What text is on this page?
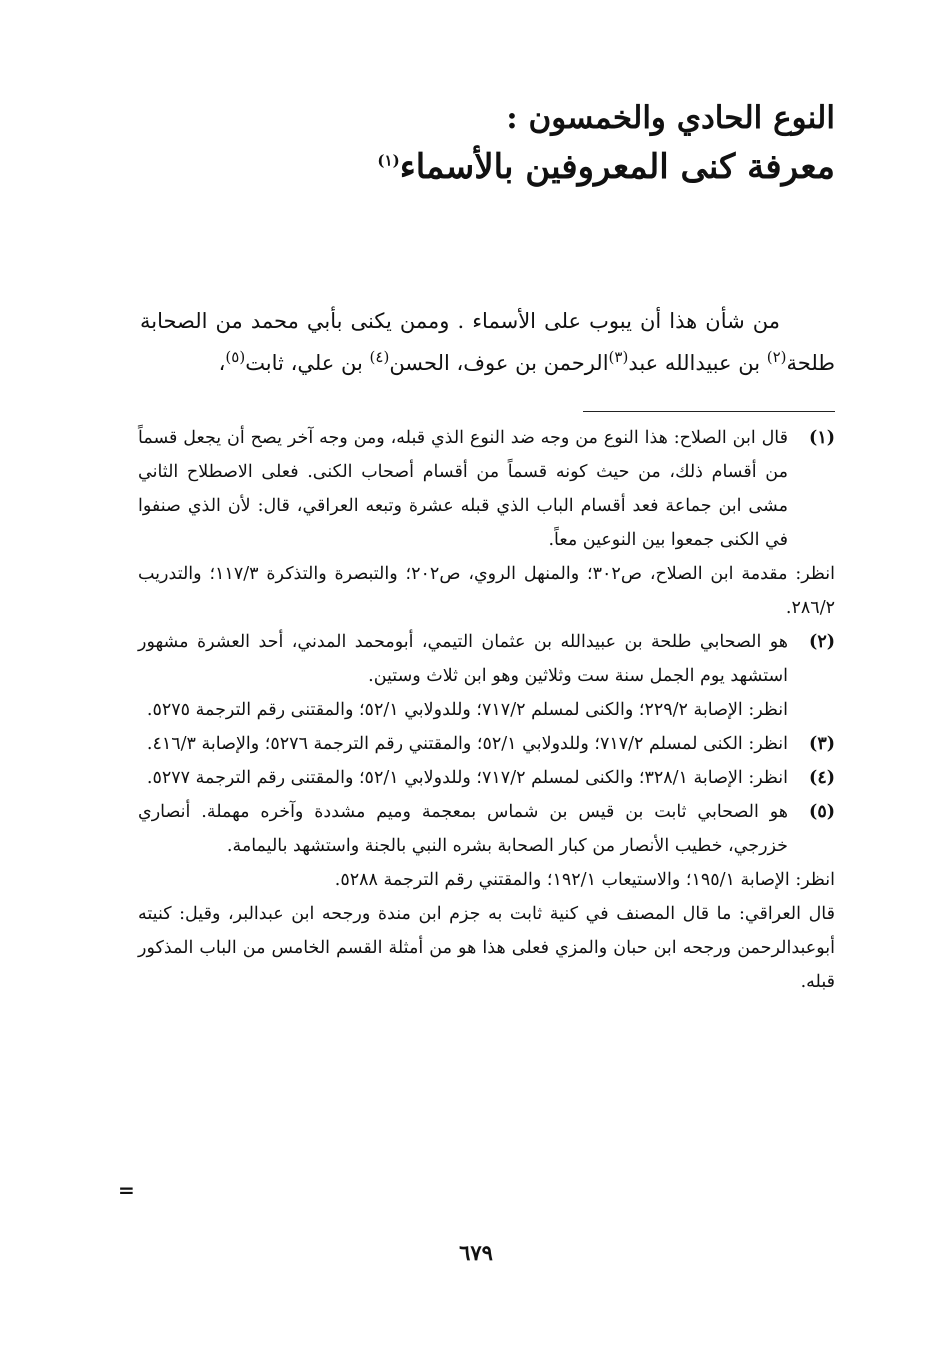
النوع الحادي والخمسون :

معرفة كنى المعروفين بالأسماء$^{(١)}$

من شأن هذا أن يبوب على الأسماء . وممن يكنى بأبي محمد من الصحابة طلحة$^{(٢)}$ بن عبيدالله عبد$^{(٣)}$الرحمن بن عوف، الحسن$^{(٤)}$ بن علي، ثابت$^{(٥)}$،

(١)

قال ابن الصلاح: هذا النوع من وجه ضد النوع الذي قبله، ومن وجه آخر يصح أن يجعل قسماً من أقسام ذلك، من حيث كونه قسماً من أقسام أصحاب الكنى. فعلى الاصطلاح الثاني مشى ابن جماعة فعد أقسام الباب الذي قبله عشرة وتبعه العراقي، قال: لأن الذي صنفوا في الكنى جمعوا بين النوعين معاً.

انظر: مقدمة ابن الصلاح، ص٣٠٢؛ والمنهل الروي، ص٢٠٢؛ والتبصرة والتذكرة ١١٧/٣؛ والتدريب ٢٨٦/٢.

(٢)

هو الصحابي طلحة بن عبيدالله بن عثمان التيمي، أبومحمد المدني، أحد العشرة مشهور استشهد يوم الجمل سنة ست وثلاثين وهو ابن ثلاث وستين.

انظر: الإصابة ٢٢٩/٢؛ والكنى لمسلم ٧١٧/٢؛ وللدولابي ٥٢/١؛ والمقتنى رقم الترجمة ٥٢٧٥.

(٣)

انظر: الكنى لمسلم ٧١٧/٢؛ وللدولابي ٥٢/١؛ والمقتني رقم الترجمة ٥٢٧٦؛ والإصابة ٤١٦/٣.

(٤)

انظر: الإصابة ٣٢٨/١؛ والكنى لمسلم ٧١٧/٢؛ وللدولابي ٥٢/١؛ والمقتنى رقم الترجمة ٥٢٧٧.

(٥)

هو الصحابي ثابت بن قيس بن شماس بمعجمة وميم مشددة وآخره مهملة. أنصاري خزرجي، خطيب الأنصار من كبار الصحابة بشره النبي بالجنة واستشهد باليمامة.

انظر: الإصابة ١٩٥/١؛ والاستيعاب ١٩٢/١؛ والمقتني رقم الترجمة ٥٢٨٨.

قال العراقي: ما قال المصنف في كنية ثابت به جزم ابن مندة ورجحه ابن عبدالبر، وقيل: كنيته أبوعبدالرحمن ورجحه ابن حبان والمزي فعلى هذا هو من أمثلة القسم الخامس من الباب المذكور قبله.

=
٦٧٩
